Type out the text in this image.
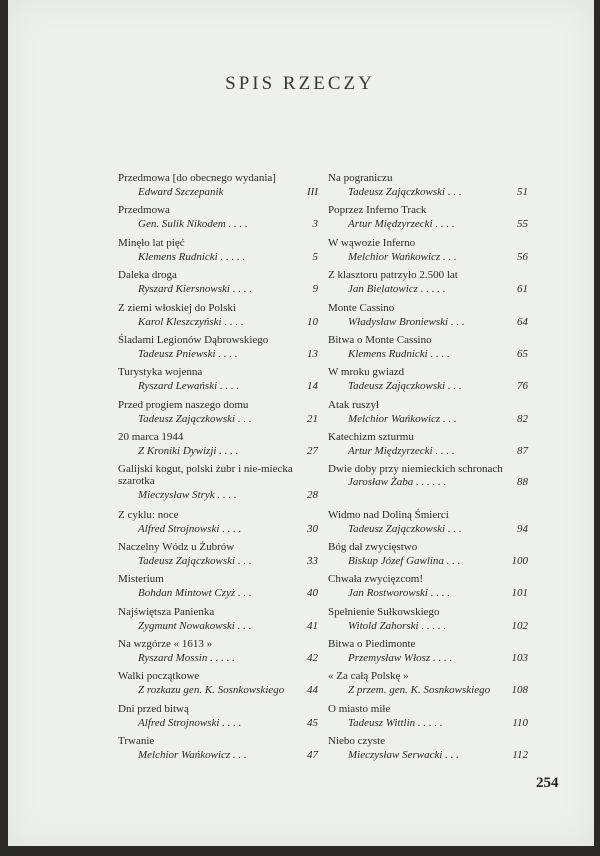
SPIS RZECZY
Przedmowa [do obecnego wydania]
Edward Szczepanik	III
Przedmowa
Gen. Sulik Nikodem . . . .	3
Minęło lat pięć
Klemens Rudnicki . . . . .	5
Daleka droga
Ryszard Kiersnowski . . . .	9
Z ziemi włoskiej do Polski
Karol Kleszczyński . . . .	10
Śladami Legionów Dąbrowskiego
Tadeusz Pniewski . . . .	13
Turystyka wojenna
Ryszard Lewański . . . .	14
Przed progiem naszego domu
Tadeusz Zajączkowski . . .	21
20 marca 1944
Z Kroniki Dywizji . . . .	27
Galijski kogut, polski żubr i nie-miecka szarotka
Mieczysław Stryk . . . .	28
Z cyklu: noce
Alfred Strojnowski . . . .	30
Naczelny Wódz u Żubrów
Tadeusz Zajączkowski . . .	33
Misterium
Bohdan Mintowt Czyż . . .	40
Najświętsza Panienka
Zygmunt Nowakowski . . .	41
Na wzgórze « 1613 »
Ryszard Mossin . . . . .	42
Walki początkowe
Z rozkazu gen. K. Sosnkowskiego	44
Dni przed bitwą
Alfred Strojnowski . . . .	45
Trwanie
Melchior Wańkowicz . . .	47
Na pograniczu
Tadeusz Zajączkowski . . .	51
Poprzez Inferno Track
Artur Międzyrzecki . . . .	55
W wąwozie Inferno
Melchior Wańkowicz . . .	56
Z klasztoru patrzyło 2.500 lat
Jan Bielatowicz . . . . .	61
Monte Cassino
Władysław Broniewski . . .	64
Bitwa o Monte Cassino
Klemens Rudnicki . . . .	65
W mroku gwiazd
Tadeusz Zajączkowski . . .	76
Atak ruszył
Melchior Wańkowicz . . .	82
Katechizm szturmu
Artur Międzyrzecki . . . .	87
Dwie doby przy niemieckich schronach
Jarosław Żaba . . . . . .	88
Widmo nad Doliną Śmierci
Tadeusz Zajączkowski . . .	94
Bóg dał zwycięstwo
Biskup Józef Gawlina . . .	100
Chwała zwycięzcom!
Jan Rostworowski . . . .	101
Spełnienie Sułkowskiego
Witold Zahorski . . . . .	102
Bitwa o Piedimonte
Przemysław Włosz . . . .	103
« Za całą Polskę »
Z przem. gen. K. Sosnkowskiego	108
O miasto miłe
Tadeusz Wittlin . . . . .	110
Niebo czyste
Mieczysław Serwacki . . .	112
254
